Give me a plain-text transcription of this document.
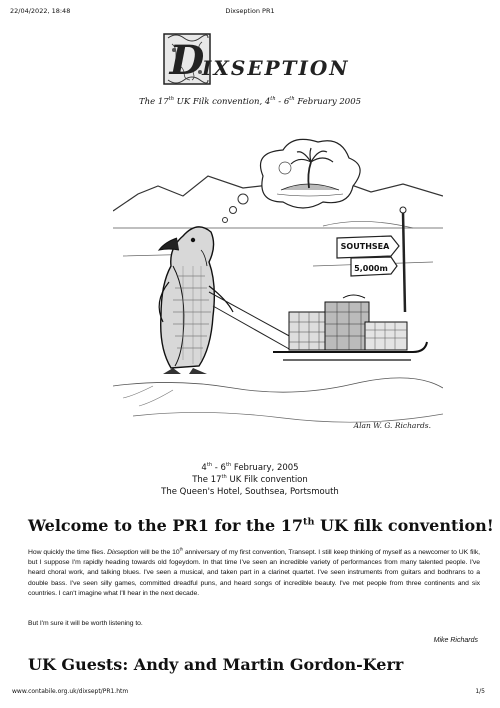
22/04/2022, 18:48	Dixseption PR1
D
IXSEPTION
The 17th UK Filk convention, 4th - 6th February 2005
SOUTHSEA
5,000m
Alan W. G. Richards.
4th - 6th February, 2005
The 17th UK Filk convention
The Queen's Hotel, Southsea, Portsmouth
Welcome to the PR1 for the 17th UK filk convention!

How quickly the time flies. Dixseption will be the 10th anniversary of my first convention, Transept. I still keep thinking of myself as a newcomer to UK filk, but I suppose I'm rapidly heading towards old fogeydom. In that time I've seen an incredible variety of performances from many talented people. I've heard choral work, and talking blues. I've seen a musical, and taken part in a clarinet quartet. I've seen instruments from guitars and bodhrans to a double bass. I've seen silly games, committed dreadful puns, and heard songs of incredible beauty. I've met people from three continents and six countries. I can't imagine what I'll hear in the next decade.

But I'm sure it will be worth listening to.

Mike Richards
UK Guests: Andy and Martin Gordon-Kerr
www.contabile.org.uk/dixsept/PR1.htm	1/5
